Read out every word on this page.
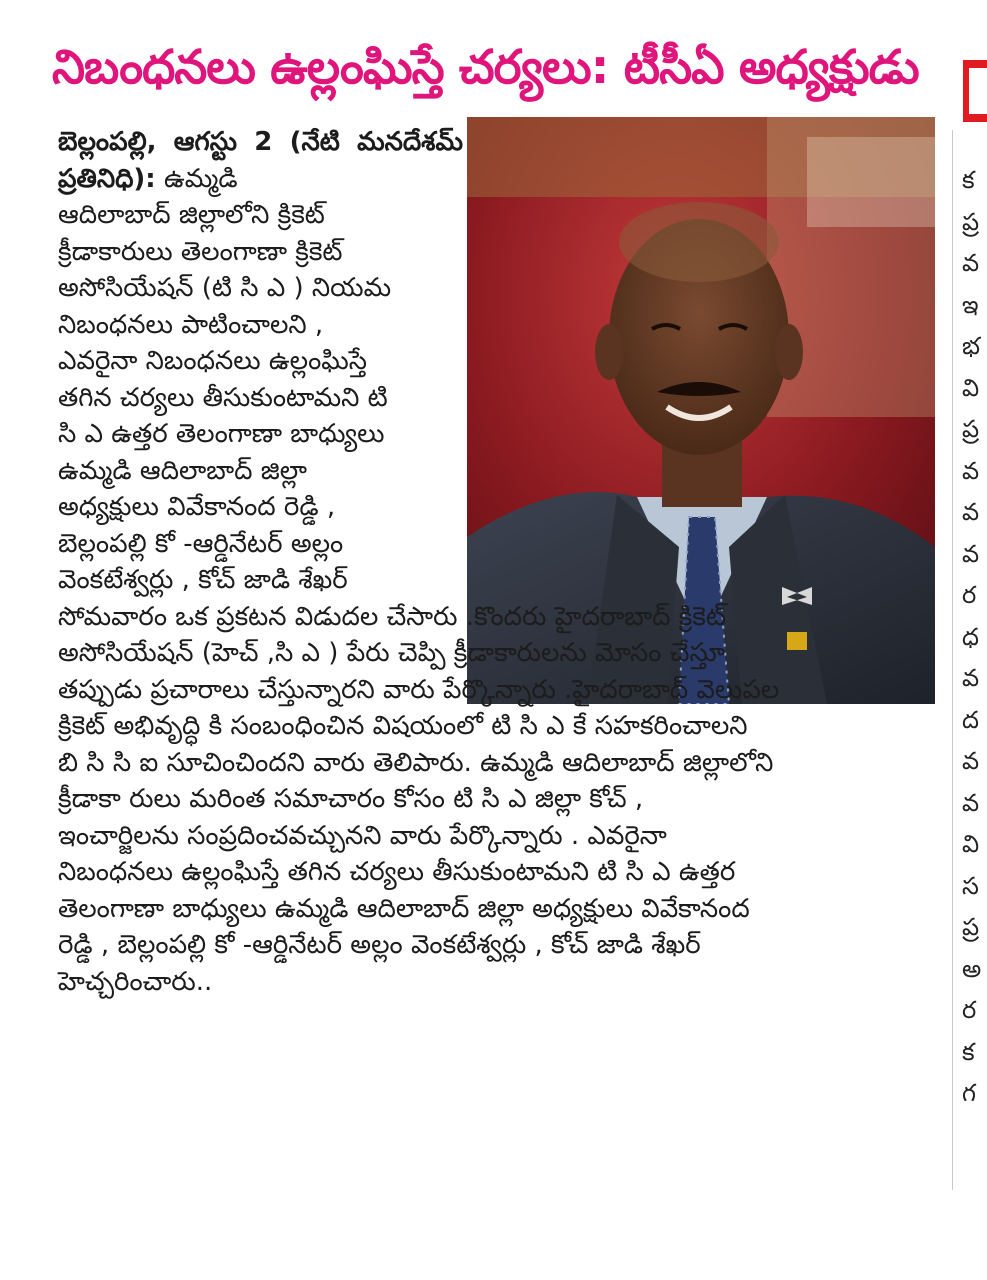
నిబంధనలు ఉల్లంఘిస్తే చర్యలు: టీసీఏ అధ్యక్షుడు
బెల్లంపల్లి, ఆగస్టు 2 (నేటి మనదేశమ్ ప్రతినిధి): ఉమ్మడి
ఆదిలాబాద్ జిల్లాలోని క్రికెట్
క్రీడాకారులు తెలంగాణా క్రికెట్
అసోసియేషన్ (టి సి ఎ ) నియమ
నిబంధనలు పాటించాలని ,
ఎవరైనా నిబంధనలు ఉల్లంఘిస్తే
తగిన చర్యలు తీసుకుంటామని టి
సి ఎ ఉత్తర తెలంగాణా బాధ్యులు
ఉమ్మడి ఆదిలాబాద్ జిల్లా
అధ్యక్షులు వివేకానంద రెడ్డి ,
బెల్లంపల్లి కో -ఆర్డినేటర్ అల్లం
వెంకటేశ్వర్లు , కోచ్ జాడి శేఖర్
సోమవారం ఒక ప్రకటన విడుదల చేసారు .కొందరు హైదరాబాద్ క్రికెట్
అసోసియేషన్ (హెచ్ ,సి ఎ ) పేరు చెప్పి క్రీడాకారులను మోసం చేస్తూ
తప్పుడు ప్రచారాలు చేస్తున్నారని వారు పేర్కొన్నారు .హైదరాబాద్ వెలుపల
క్రికెట్ అభివృద్ధి కి సంబంధించిన విషయంలో టి సి ఎ కే సహకరించాలని
బి సి సి ఐ సూచించిందని వారు తెలిపారు. ఉమ్మడి ఆదిలాబాద్ జిల్లాలోని
క్రీడాకా రులు మరింత సమాచారం కోసం టి సి ఎ జిల్లా కోచ్ ,
ఇంచార్జిలను సంప్రదించవచ్చునని వారు పేర్కొన్నారు . ఎవరైనా
నిబంధనలు ఉల్లంఘిస్తే తగిన చర్యలు తీసుకుంటామని టి సి ఎ ఉత్తర
తెలంగాణా బాధ్యులు ఉమ్మడి ఆదిలాబాద్ జిల్లా అధ్యక్షులు వివేకానంద
రెడ్డి , బెల్లంపల్లి కో -ఆర్డినేటర్ అల్లం వెంకటేశ్వర్లు , కోచ్ జాడి శేఖర్
హెచ్చరించారు..
క
ప్ర
వ
ఇ
భ
వి
ప్ర
వ
వ
వ
ర
ధ
వ
ద
వ
వ
వి
స
ప్ర
అ
ర
క
గ
